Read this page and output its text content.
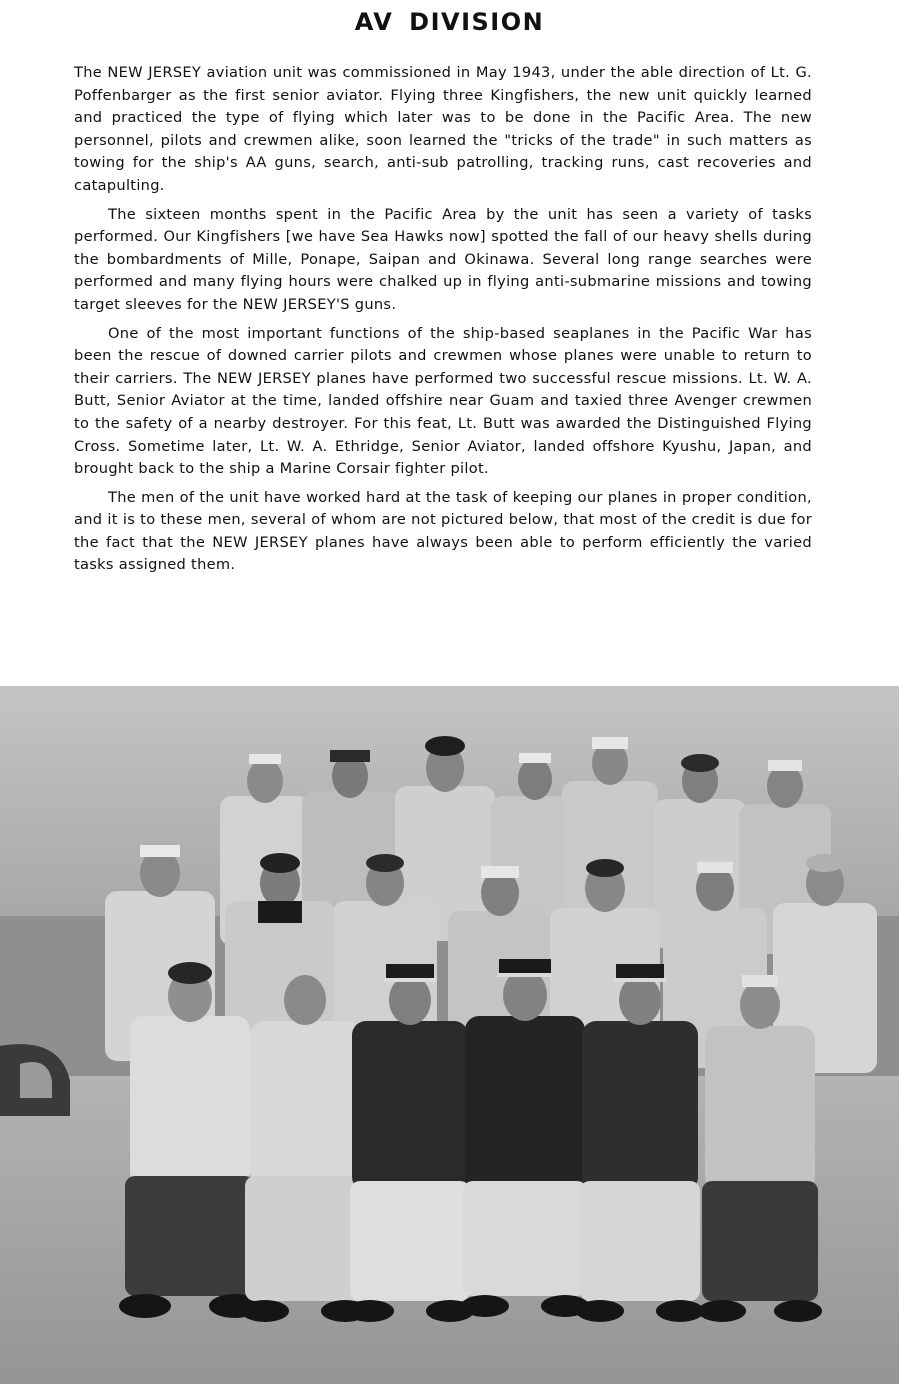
AV DIVISION

The NEW JERSEY aviation unit was commissioned in May 1943, under the able direction of Lt. G. Poffenbarger as the first senior aviator. Flying three Kingfishers, the new unit quickly learned and practiced the type of flying which later was to be done in the Pacific Area. The new personnel, pilots and crewmen alike, soon learned the "tricks of the trade" in such matters as towing for the ship's AA guns, search, anti-sub patrolling, tracking runs, cast recoveries and catapulting.

The sixteen months spent in the Pacific Area by the unit has seen a variety of tasks performed. Our Kingfishers [we have Sea Hawks now] spotted the fall of our heavy shells during the bombardments of Mille, Ponape, Saipan and Okinawa. Several long range searches were performed and many flying hours were chalked up in flying anti-submarine missions and towing target sleeves for the NEW JERSEY'S guns.

One of the most important functions of the ship-based seaplanes in the Pacific War has been the rescue of downed carrier pilots and crewmen whose planes were unable to return to their carriers. The NEW JERSEY planes have performed two successful rescue missions. Lt. W. A. Butt, Senior Aviator at the time, landed offshire near Guam and taxied three Avenger crewmen to the safety of a nearby destroyer. For this feat, Lt. Butt was awarded the Distinguished Flying Cross. Sometime later, Lt. W. A. Ethridge, Senior Aviator, landed offshore Kyushu, Japan, and brought back to the ship a Marine Corsair fighter pilot.

The men of the unit have worked hard at the task of keeping our planes in proper condition, and it is to these men, several of whom are not pictured below, that most of the credit is due for the fact that the NEW JERSEY planes have always been able to perform efficiently the varied tasks assigned them.
